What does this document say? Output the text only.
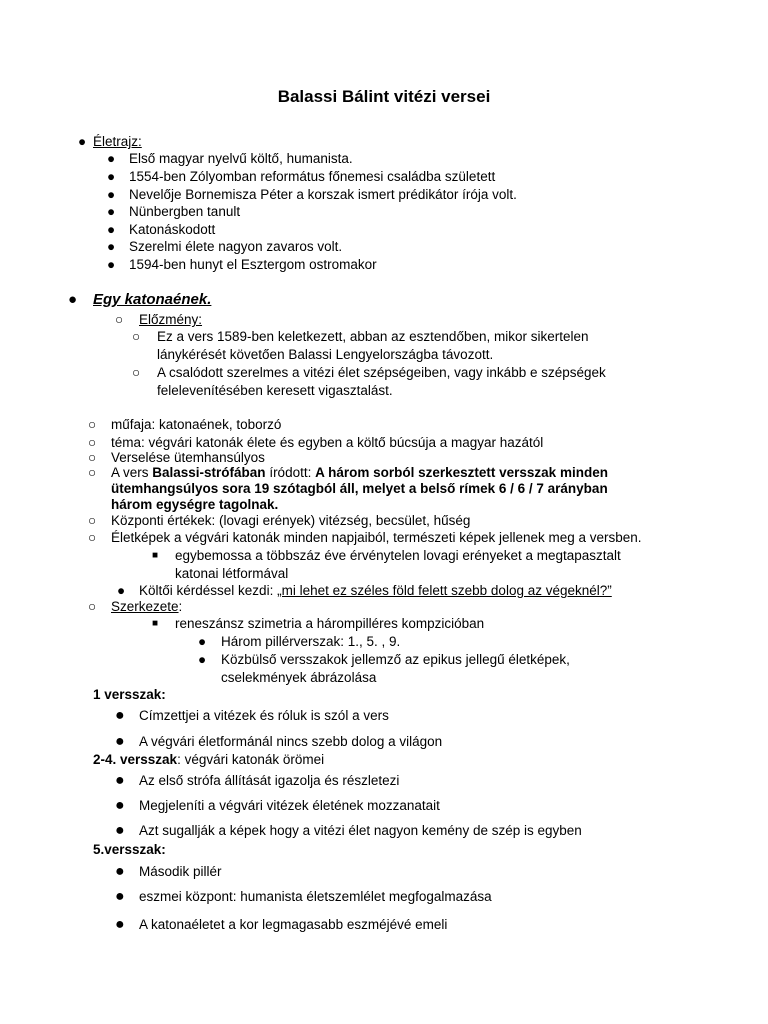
Balassi Bálint vitézi versei
● Életrajz:
● Első magyar nyelvű költő, humanista.
● 1554-ben Zólyomban református főnemesi családba született
● Nevelője Bornemisza Péter a korszak ismert prédikátor írója volt.
● Nünbergben tanult
● Katonáskodott
● Szerelmi élete nagyon zavaros volt.
● 1594-ben hunyt el Esztergom ostromakor
● Egy katonaének.
○ Előzmény:
○ Ez a vers 1589-ben keletkezett, abban az esztendőben, mikor sikertelen
lánykérését követően Balassi Lengyelországba távozott.
○ A csalódott szerelmes a vitézi élet szépségeiben, vagy inkább e szépségek
felelevenítésében keresett vigasztalást.
○ műfaja: katonaének, toborzó
○ téma: végvári katonák élete és egyben a költő búcsúja a magyar hazától
○ Verselése ütemhansúlyos
○ A vers Balassi-strófában íródott: A három sorból szerkesztett versszak minden
ütemhangsúlyos sora 19 szótagból áll, melyet a belső rímek 6 / 6 / 7 arányban
három egységre tagolnak.
○ Központi értékek: (lovagi erények) vitézség, becsület, hűség
○ Életképek a végvári katonák minden napjaiból, természeti képek jellenek meg a versben.
■ egybemossa a többszáz éve érvénytelen lovagi erényeket a megtapasztalt
katonai létformával
● Költői kérdéssel kezdi: „mi lehet ez széles föld felett szebb dolog az végeknél?”
○ Szerkezete:
■ reneszánsz szimetria a hárompilléres kompzicióban
● Három pillérverszak: 1., 5. , 9.
● Közbülső versszakok jellemző az epikus jellegű életképek,
cselekmények ábrázolása
1 versszak:
● Címzettjei a vitézek és róluk is szól a vers
● A végvári életformánál nincs szebb dolog a világon
2-4. versszak: végvári katonák örömei
● Az első strófa állítását igazolja és részletezi
● Megjeleníti a végvári vitézek életének mozzanatait
● Azt sugallják a képek hogy a vitézi élet nagyon kemény de szép is egyben
5.versszak:
● Második pillér
● eszmei központ: humanista életszemlélet megfogalmazása
● A katonaéletet a kor legmagasabb eszméjévé emeli
